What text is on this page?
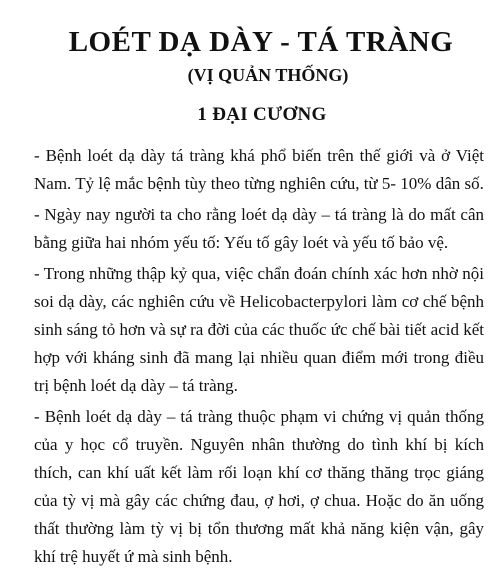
LOÉT DẠ DÀY - TÁ TRÀNG
(VỊ QUẢN THỐNG)
1 ĐẠI CƯƠNG

- Bệnh loét dạ dày tá tràng khá phổ biến trên thế giới và ở Việt Nam. Tỷ lệ mắc bệnh tùy theo từng nghiên cứu, từ 5- 10% dân số.

- Ngày nay người ta cho rằng loét dạ dày – tá tràng là do mất cân bằng giữa hai nhóm yếu tố: Yếu tố gây loét và yếu tố bảo vệ.

- Trong những thập kỷ qua, việc chẩn đoán chính xác hơn nhờ nội soi dạ dày, các nghiên cứu về Helicobacterpylori làm cơ chế bệnh sinh sáng tỏ hơn và sự ra đời của các thuốc ức chế bài tiết acid kết hợp với kháng sinh đã mang lại nhiều quan điểm mới trong điều trị bệnh loét dạ dày – tá tràng.

- Bệnh loét dạ dày – tá tràng thuộc phạm vi chứng vị quản thống của y học cổ truyền. Nguyên nhân thường do tình khí bị kích thích, can khí uất kết làm rối loạn khí cơ thăng thăng trọc giáng của tỳ vị mà gây các chứng đau, ợ hơi, ợ chua. Hoặc do ăn uống thất thường làm tỳ vị bị tổn thương mất khả năng kiện vận, gây khí trệ huyết ứ mà sinh bệnh.
